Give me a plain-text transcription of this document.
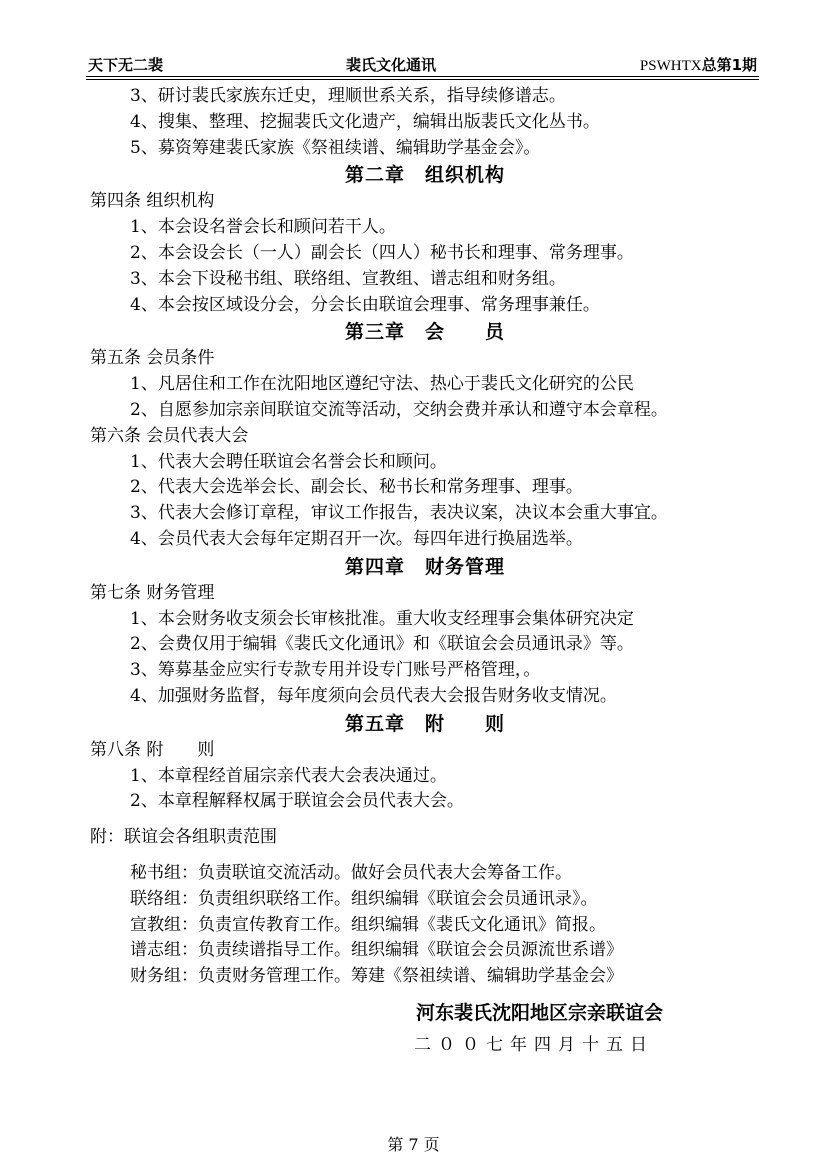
天下无二裴	裴氏文化通讯	PSWHTX总第1期
3、研讨裴氏家族东迁史，理顺世系关系，指导续修谱志。
4、搜集、整理、挖掘裴氏文化遗产，编辑出版裴氏文化丛书。
5、募资筹建裴氏家族《祭祖续谱、编辑助学基金会》。
第二章　组织机构
第四条 组织机构
1、本会设名誉会长和顾问若干人。
2、本会设会长（一人）副会长（四人）秘书长和理事、常务理事。
3、本会下设秘书组、联络组、宣教组、谱志组和财务组。
4、本会按区域设分会，分会长由联谊会理事、常务理事兼任。
第三章　会　　员
第五条 会员条件
1、凡居住和工作在沈阳地区遵纪守法、热心于裴氏文化研究的公民
2、自愿参加宗亲间联谊交流等活动，交纳会费并承认和遵守本会章程。
第六条 会员代表大会
1、代表大会聘任联谊会名誉会长和顾问。
2、代表大会选举会长、副会长、秘书长和常务理事、理事。
3、代表大会修订章程，审议工作报告，表决议案，决议本会重大事宜。
4、会员代表大会每年定期召开一次。每四年进行换届选举。
第四章　财务管理
第七条 财务管理
1、本会财务收支须会长审核批准。重大收支经理事会集体研究决定
2、会费仅用于编辑《裴氏文化通讯》和《联谊会会员通讯录》等。
3、筹募基金应实行专款专用并设专门账号严格管理，。
4、加强财务监督，每年度须向会员代表大会报告财务收支情况。
第五章　附　　则
第八条 附　　则
1、本章程经首届宗亲代表大会表决通过。
2、本章程解释权属于联谊会会员代表大会。
附：联谊会各组职责范围
秘书组：负责联谊交流活动。做好会员代表大会筹备工作。
联络组：负责组织联络工作。组织编辑《联谊会会员通讯录》。
宣教组：负责宣传教育工作。组织编辑《裴氏文化通讯》简报。
谱志组：负责续谱指导工作。组织编辑《联谊会会员源流世系谱》
财务组：负责财务管理工作。筹建《祭祖续谱、编辑助学基金会》
河东裴氏沈阳地区宗亲联谊会
二００七年四月十五日
第 7 页
